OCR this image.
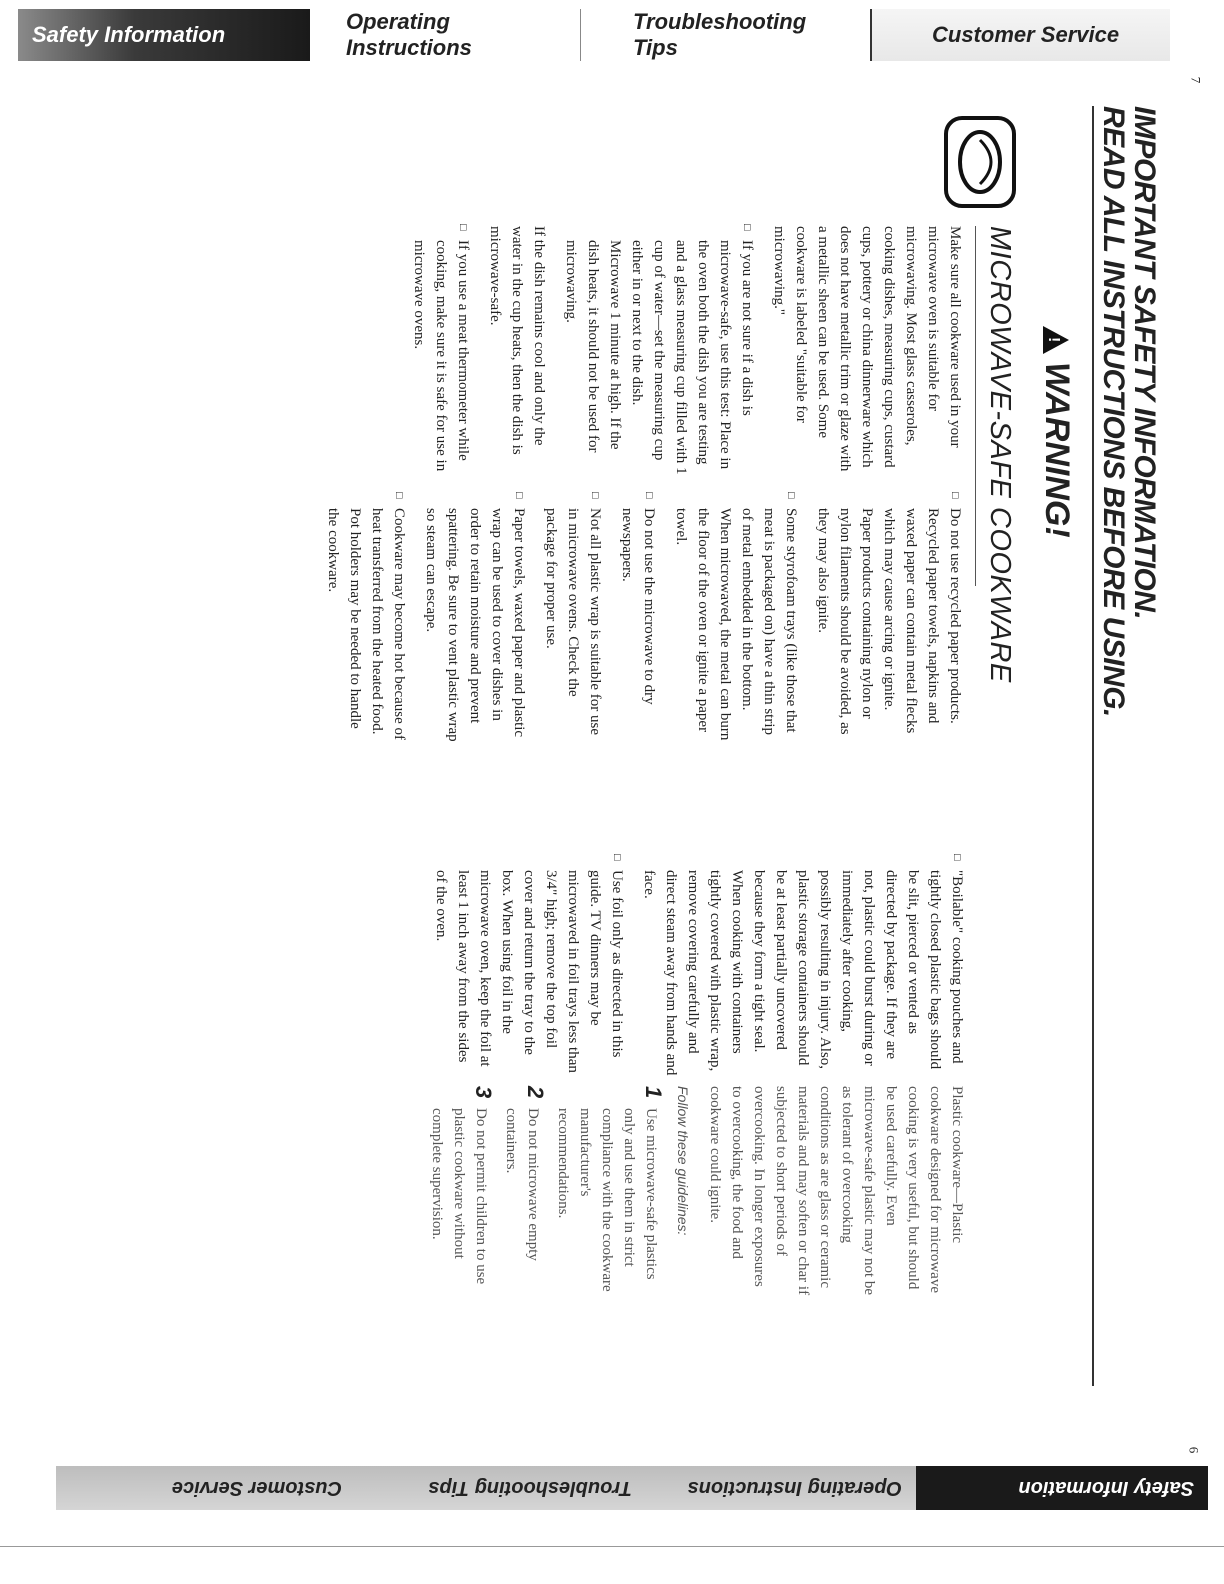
Safety Information
Operating Instructions
Troubleshooting Tips
Customer Service
7
Safety Information
Operating Instructions
Troubleshooting Tips
Customer Service
6
IMPORTANT SAFETY INFORMATION.
READ ALL INSTRUCTIONS BEFORE USING.
!
WARNING!
MICROWAVE-SAFE COOKWARE

Make sure all cookware used in your microwave oven is suitable for microwaving. Most glass casseroles, cooking dishes, measuring cups, custard cups, pottery or china dinnerware which does not have metallic trim or glaze with a metallic sheen can be used. Some cookware is labeled "suitable for microwaving."

□ If you are not sure if a dish is microwave-safe, use this test: Place in the oven both the dish you are testing and a glass measuring cup filled with 1 cup of water—set the measuring cup either in or next to the dish. Microwave 1 minute at high. If the dish heats, it should not be used for microwaving.

If the dish remains cool and only the water in the cup heats, then the dish is microwave-safe.

□ If you use a meat thermometer while cooking, make sure it is safe for use in microwave ovens.

□ Do not use recycled paper products. Recycled paper towels, napkins and waxed paper can contain metal flecks which may cause arcing or ignite. Paper products containing nylon or nylon filaments should be avoided, as they may also ignite.

□ Some styrofoam trays (like those that meat is packaged on) have a thin strip of metal embedded in the bottom. When microwaved, the metal can burn the floor of the oven or ignite a paper towel.

□ Do not use the microwave to dry newspapers.

□ Not all plastic wrap is suitable for use in microwave ovens. Check the package for proper use.

□ Paper towels, waxed paper and plastic wrap can be used to cover dishes in order to retain moisture and prevent spattering. Be sure to vent plastic wrap so steam can escape.

□ Cookware may become hot because of heat transferred from the heated food. Pot holders may be needed to handle the cookware.

□ "Boilable" cooking pouches and tightly closed plastic bags should be slit, pierced or vented as directed by package. If they are not, plastic could burst during or immediately after cooking, possibly resulting in injury. Also, plastic storage containers should be at least partially uncovered because they form a tight seal. When cooking with containers tightly covered with plastic wrap, remove covering carefully and direct steam away from hands and face.

□ Use foil only as directed in this guide. TV dinners may be microwaved in foil trays less than 3/4" high; remove the top foil cover and return the tray to the box. When using foil in the microwave oven, keep the foil at least 1 inch away from the sides of the oven.

Plastic cookware—Plastic cookware designed for microwave cooking is very useful, but should be used carefully. Even microwave-safe plastic may not be as tolerant of overcooking conditions as are glass or ceramic materials and may soften or char if subjected to short periods of overcooking. In longer exposures to overcooking, the food and cookware could ignite.

Follow these guidelines:

1
Use microwave-safe plastics only and use them in strict compliance with the cookware manufacturer's recommendations.
2
Do not microwave empty containers.
3
Do not permit children to use plastic cookware without complete supervision.
